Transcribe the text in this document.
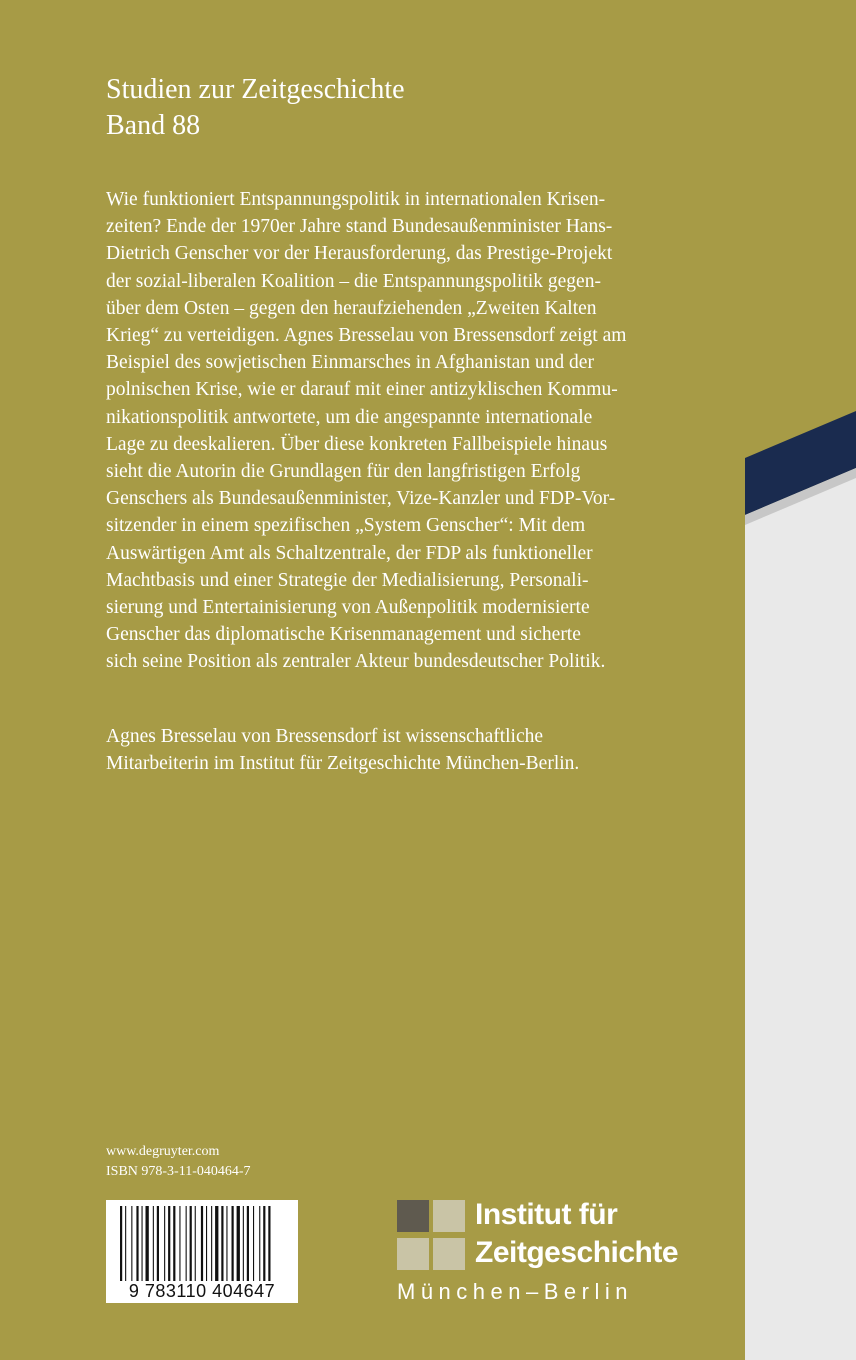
Studien zur Zeitgeschichte
Band 88
Wie funktioniert Entspannungspolitik in internationalen Krisen-
zeiten? Ende der 1970er Jahre stand Bundesaußenminister Hans-
Dietrich Genscher vor der Herausforderung, das Prestige-Projekt
der sozial-liberalen Koalition – die Entspannungspolitik gegen-
über dem Osten – gegen den heraufziehenden „Zweiten Kalten
Krieg“ zu verteidigen. Agnes Bresselau von Bressensdorf zeigt am
Beispiel des sowjetischen Einmarsches in Afghanistan und der
polnischen Krise, wie er darauf mit einer antizyklischen Kommu-
nikationspolitik antwortete, um die angespannte internationale
Lage zu deeskalieren. Über diese konkreten Fallbeispiele hinaus
sieht die Autorin die Grundlagen für den langfristigen Erfolg
Genschers als Bundesaußenminister, Vize-Kanzler und FDP-Vor-
sitzender in einem spezifischen „System Genscher“: Mit dem
Auswärtigen Amt als Schaltzentrale, der FDP als funktioneller
Machtbasis und einer Strategie der Medialisierung, Personali-
sierung und Entertainisierung von Außenpolitik modernisierte
Genscher das diplomatische Krisenmanagement und sicherte
sich seine Position als zentraler Akteur bundesdeutscher Politik.
Agnes Bresselau von Bressensdorf ist wissenschaftliche
Mitarbeiterin im Institut für Zeitgeschichte München-Berlin.
www.degruyter.com
ISBN 978-3-11-040464-7
9 783110 404647
Institut für
Zeitgeschichte
München–Berlin
